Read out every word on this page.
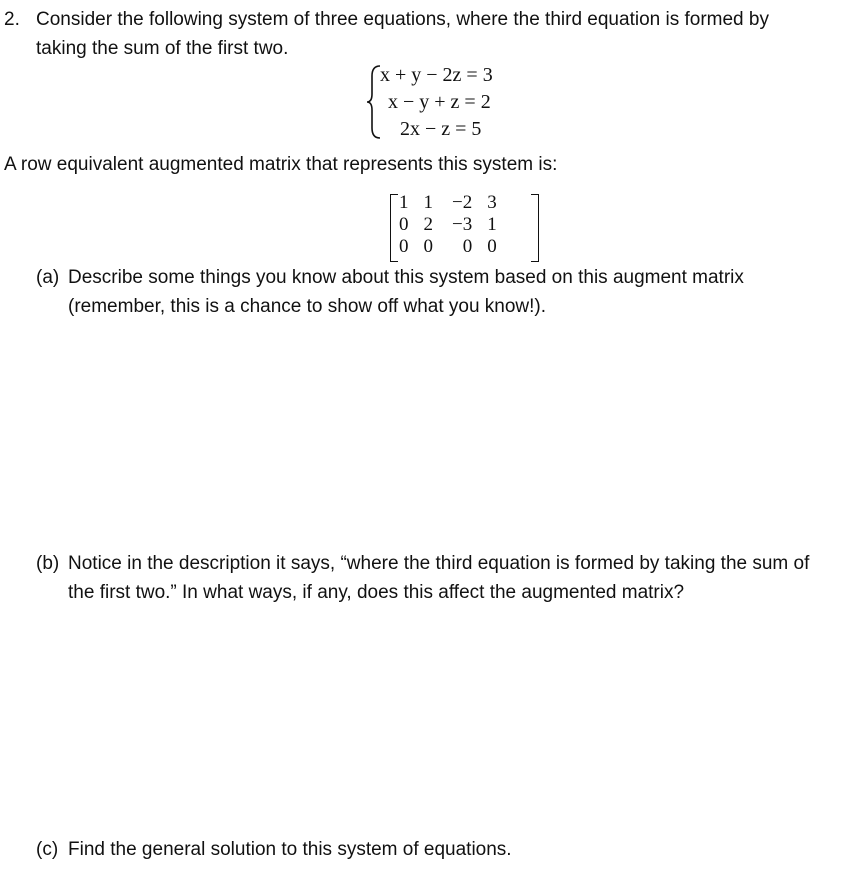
2. Consider the following system of three equations, where the third equation is formed by
taking the sum of the first two.
x + y − 2z = 3
x − y + z = 2
2x − z = 5
A row equivalent augmented matrix that represents this system is:
1	1	−2	3
0	2	−3	1
0	0	0	0
(a) Describe some things you know about this system based on this augment matrix
(remember, this is a chance to show off what you know!).
(b) Notice in the description it says, “where the third equation is formed by taking the sum of
the first two.” In what ways, if any, does this affect the augmented matrix?
(c) Find the general solution to this system of equations.
